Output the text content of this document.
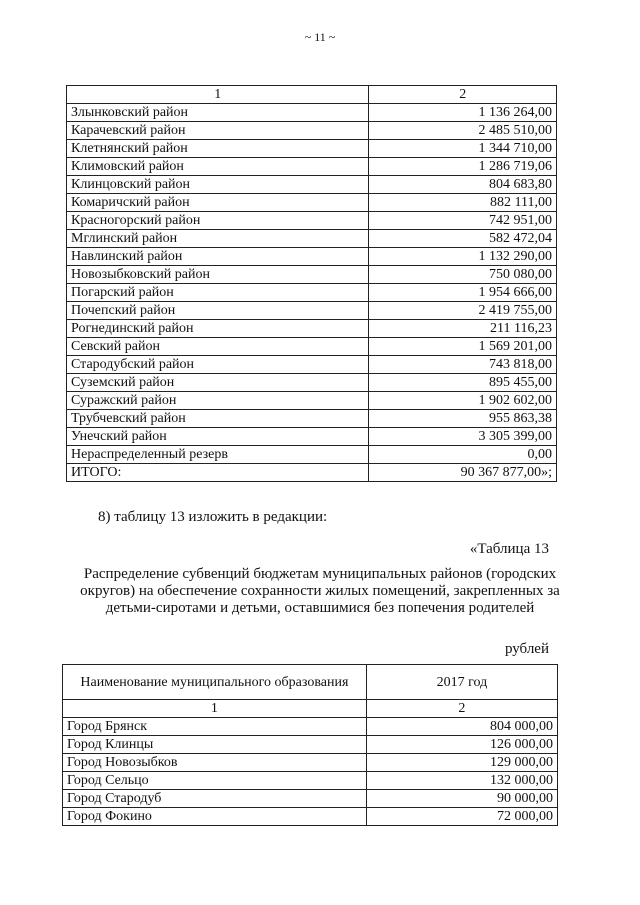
~ 11 ~
1	2
Злынковский район	1 136 264,00
Карачевский район	2 485 510,00
Клетнянский район	1 344 710,00
Климовский район	1 286 719,06
Клинцовский район	804 683,80
Комаричский район	882 111,00
Красногорский район	742 951,00
Мглинский район	582 472,04
Навлинский район	1 132 290,00
Новозыбковский район	750 080,00
Погарский район	1 954 666,00
Почепский район	2 419 755,00
Рогнединский район	211 116,23
Севский район	1 569 201,00
Стародубский район	743 818,00
Суземский район	895 455,00
Суражский район	1 902 602,00
Трубчевский район	955 863,38
Унечский район	3 305 399,00
Нераспределенный резерв	0,00
ИТОГО:	90 367 877,00»;
8) таблицу 13 изложить в редакции:
«Таблица 13
Распределение субвенций бюджетам муниципальных районов (городских округов) на обеспечение сохранности жилых помещений, закрепленных за детьми-сиротами и детьми, оставшимися без попечения родителей
рублей
Наименование муниципального образования	2017 год
1	2
Город Брянск	804 000,00
Город Клинцы	126 000,00
Город Новозыбков	129 000,00
Город Сельцо	132 000,00
Город Стародуб	90 000,00
Город Фокино	72 000,00
